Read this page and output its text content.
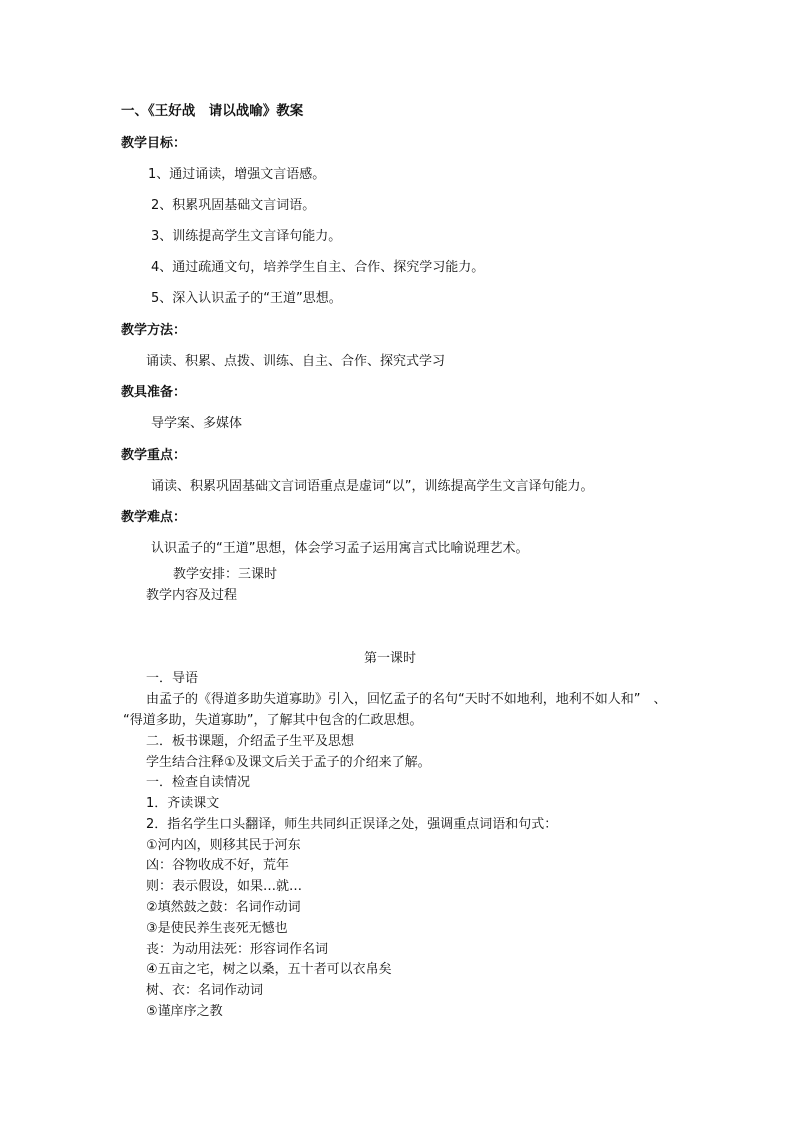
一、《王好战　请以战喻》教案

教学目标：

1、通过诵读，增强文言语感。

2、积累巩固基础文言词语。

3、训练提高学生文言译句能力。

4、通过疏通文句，培养学生自主、合作、探究学习能力。

5、深入认识孟子的“王道”思想。

教学方法：

诵读、积累、点拨、训练、自主、合作、探究式学习

教具准备：

导学案、多媒体

教学重点：

诵读、积累巩固基础文言词语重点是虚词“以”，训练提高学生文言译句能力。

教学难点：

认识孟子的“王道”思想，体会学习孟子运用寓言式比喻说理艺术。

教学安排：三课时

教学内容及过程

第一课时

一．导语

由孟子的《得道多助失道寡助》引入，回忆孟子的名句“天时不如地利，地利不如人和”　、

“得道多助，失道寡助”，了解其中包含的仁政思想。

二．板书课题，介绍孟子生平及思想

学生结合注释①及课文后关于孟子的介绍来了解。

一．检查自读情况

1．齐读课文

2．指名学生口头翻译，师生共同纠正误译之处，强调重点词语和句式：

①河内凶，则移其民于河东

凶：谷物收成不好，荒年

则：表示假设，如果…就…

②填然鼓之鼓：名词作动词

③是使民养生丧死无憾也

丧：为动用法死：形容词作名词

④五亩之宅，树之以桑，五十者可以衣帛矣

树、衣：名词作动词

⑤谨庠序之教
